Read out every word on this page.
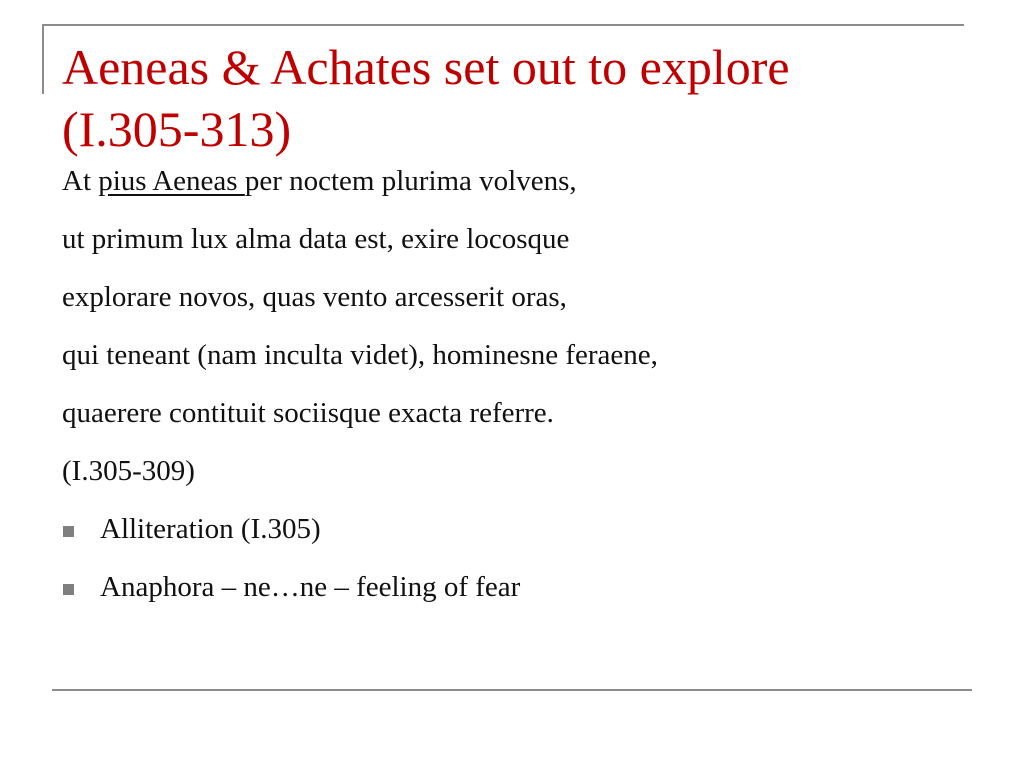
Aeneas & Achates set out to explore
(I.305-313)
At pius Aeneas per noctem plurima volvens,
ut primum lux alma data est, exire locosque
explorare novos, quas vento arcesserit oras,
qui teneant (nam inculta videt), hominesne feraene,
quaerere contituit sociisque exacta referre.
(I.305-309)
Alliteration (I.305)
Anaphora – ne…ne – feeling of fear
